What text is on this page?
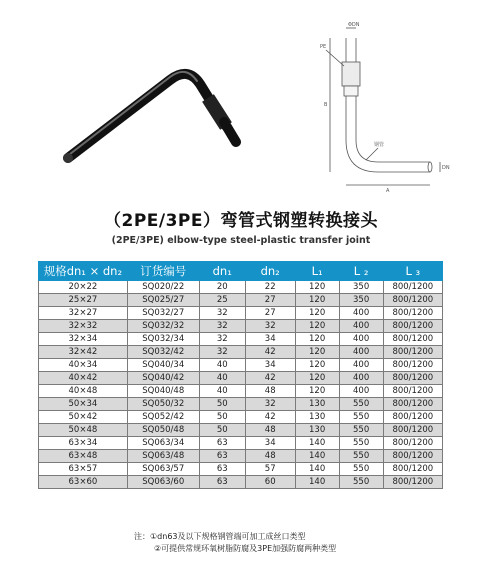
ΦDN
PE
B
钢管
DN
A
（2PE/3PE）弯管式钢塑转换接头
(2PE/3PE) elbow-type steel-plastic transfer joint
规格dn₁ × dn₂	订货编号	dn₁	dn₂	L₁	L ₂	L ₃
20×22	SQ020/22	20	22	120	350	800/1200
25×27	SQ025/27	25	27	120	350	800/1200
32×27	SQ032/27	32	27	120	400	800/1200
32×32	SQ032/32	32	32	120	400	800/1200
32×34	SQ032/34	32	34	120	400	800/1200
32×42	SQ032/42	32	42	120	400	800/1200
40×34	SQ040/34	40	34	120	400	800/1200
40×42	SQ040/42	40	42	120	400	800/1200
40×48	SQ040/48	40	48	120	400	800/1200
50×34	SQ050/32	50	32	130	550	800/1200
50×42	SQ052/42	50	42	130	550	800/1200
50×48	SQ050/48	50	48	130	550	800/1200
63×34	SQ063/34	63	34	140	550	800/1200
63×48	SQ063/48	63	48	140	550	800/1200
63×57	SQ063/57	63	57	140	550	800/1200
63×60	SQ063/60	63	60	140	550	800/1200
注：①dn63及以下规格钢管端可加工成丝口类型
②可提供常规环氧树脂防腐及3PE加强防腐两种类型
